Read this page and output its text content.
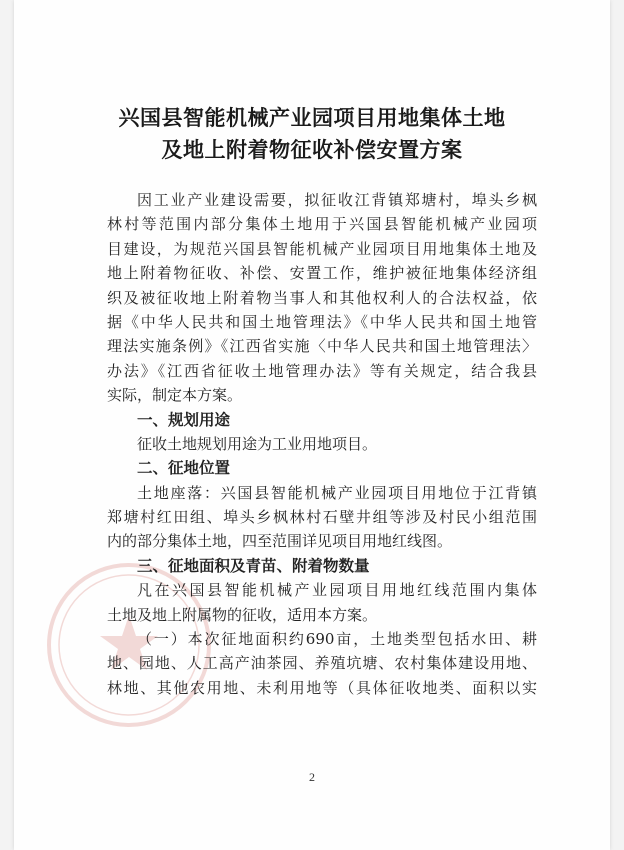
兴国县智能机械产业园项目用地集体土地
及地上附着物征收补偿安置方案
因工业产业建设需要，拟征收江背镇郑塘村，埠头乡枫
林村等范围内部分集体土地用于兴国县智能机械产业园项
目建设，为规范兴国县智能机械产业园项目用地集体土地及
地上附着物征收、补偿、安置工作，维护被征地集体经济组
织及被征收地上附着物当事人和其他权利人的合法权益，依
据《中华人民共和国土地管理法》《中华人民共和国土地管
理法实施条例》《江西省实施〈中华人民共和国土地管理法〉
办法》《江西省征收土地管理办法》等有关规定，结合我县
实际，制定本方案。
一、规划用途
征收土地规划用途为工业用地项目。
二、征地位置
土地座落：兴国县智能机械产业园项目用地位于江背镇
郑塘村红田组、埠头乡枫林村石壁井组等涉及村民小组范围
内的部分集体土地，四至范围详见项目用地红线图。
三、征地面积及青苗、附着物数量
凡在兴国县智能机械产业园项目用地红线范围内集体
土地及地上附属物的征收，适用本方案。
（一）本次征地面积约690亩，土地类型包括水田、耕
地、园地、人工高产油茶园、养殖坑塘、农村集体建设用地、
林地、其他农用地、未利用地等（具体征收地类、面积以实
2
